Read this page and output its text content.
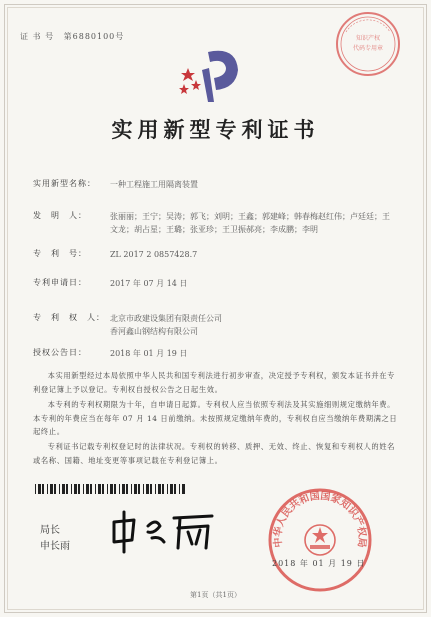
证 书 号 第6880100号	知识产权
代码专用章
实用新型专利证书
实用新型名称： 一种工程施工用隔离装置
发　明　人：	张丽丽；王宁；吴涛；郭飞；刘明；王鑫；郭建峰；韩春梅赵红伟；卢廷廷；王文龙；胡占星；王璐；张亚珍；王卫振郝亮；李成鹏；李明
专　利　号：	ZL 2017 2 0857428.7
专利申请日：	2017 年 07 月 14 日
专　利　权　人： 北京市政建设集团有限责任公司
香河鑫山钢结构有限公司
授权公告日：	2018 年 01 月 19 日
本实用新型经过本局依照中华人民共和国专利法进行初步审查，决定授予专利权，颁发本证书并在专利登记簿上予以登记。专利权自授权公告之日起生效。
本专利的专利权期限为十年，自申请日起算。专利权人应当依照专利法及其实施细则规定缴纳年费。本专利的年费应当在每年 07 月 14 日前缴纳。未按照规定缴纳年费的，专利权自应当缴纳年费期满之日起终止。
专利证书记载专利权登记时的法律状况。专利权的转移、质押、无效、终止、恢复和专利权人的姓名或名称、国籍、地址变更等事项记载在专利登记簿上。
局长
申长雨	中华人民共和国国家知识产权局
2018 年 01 月 19 日
第1页（共1页）
